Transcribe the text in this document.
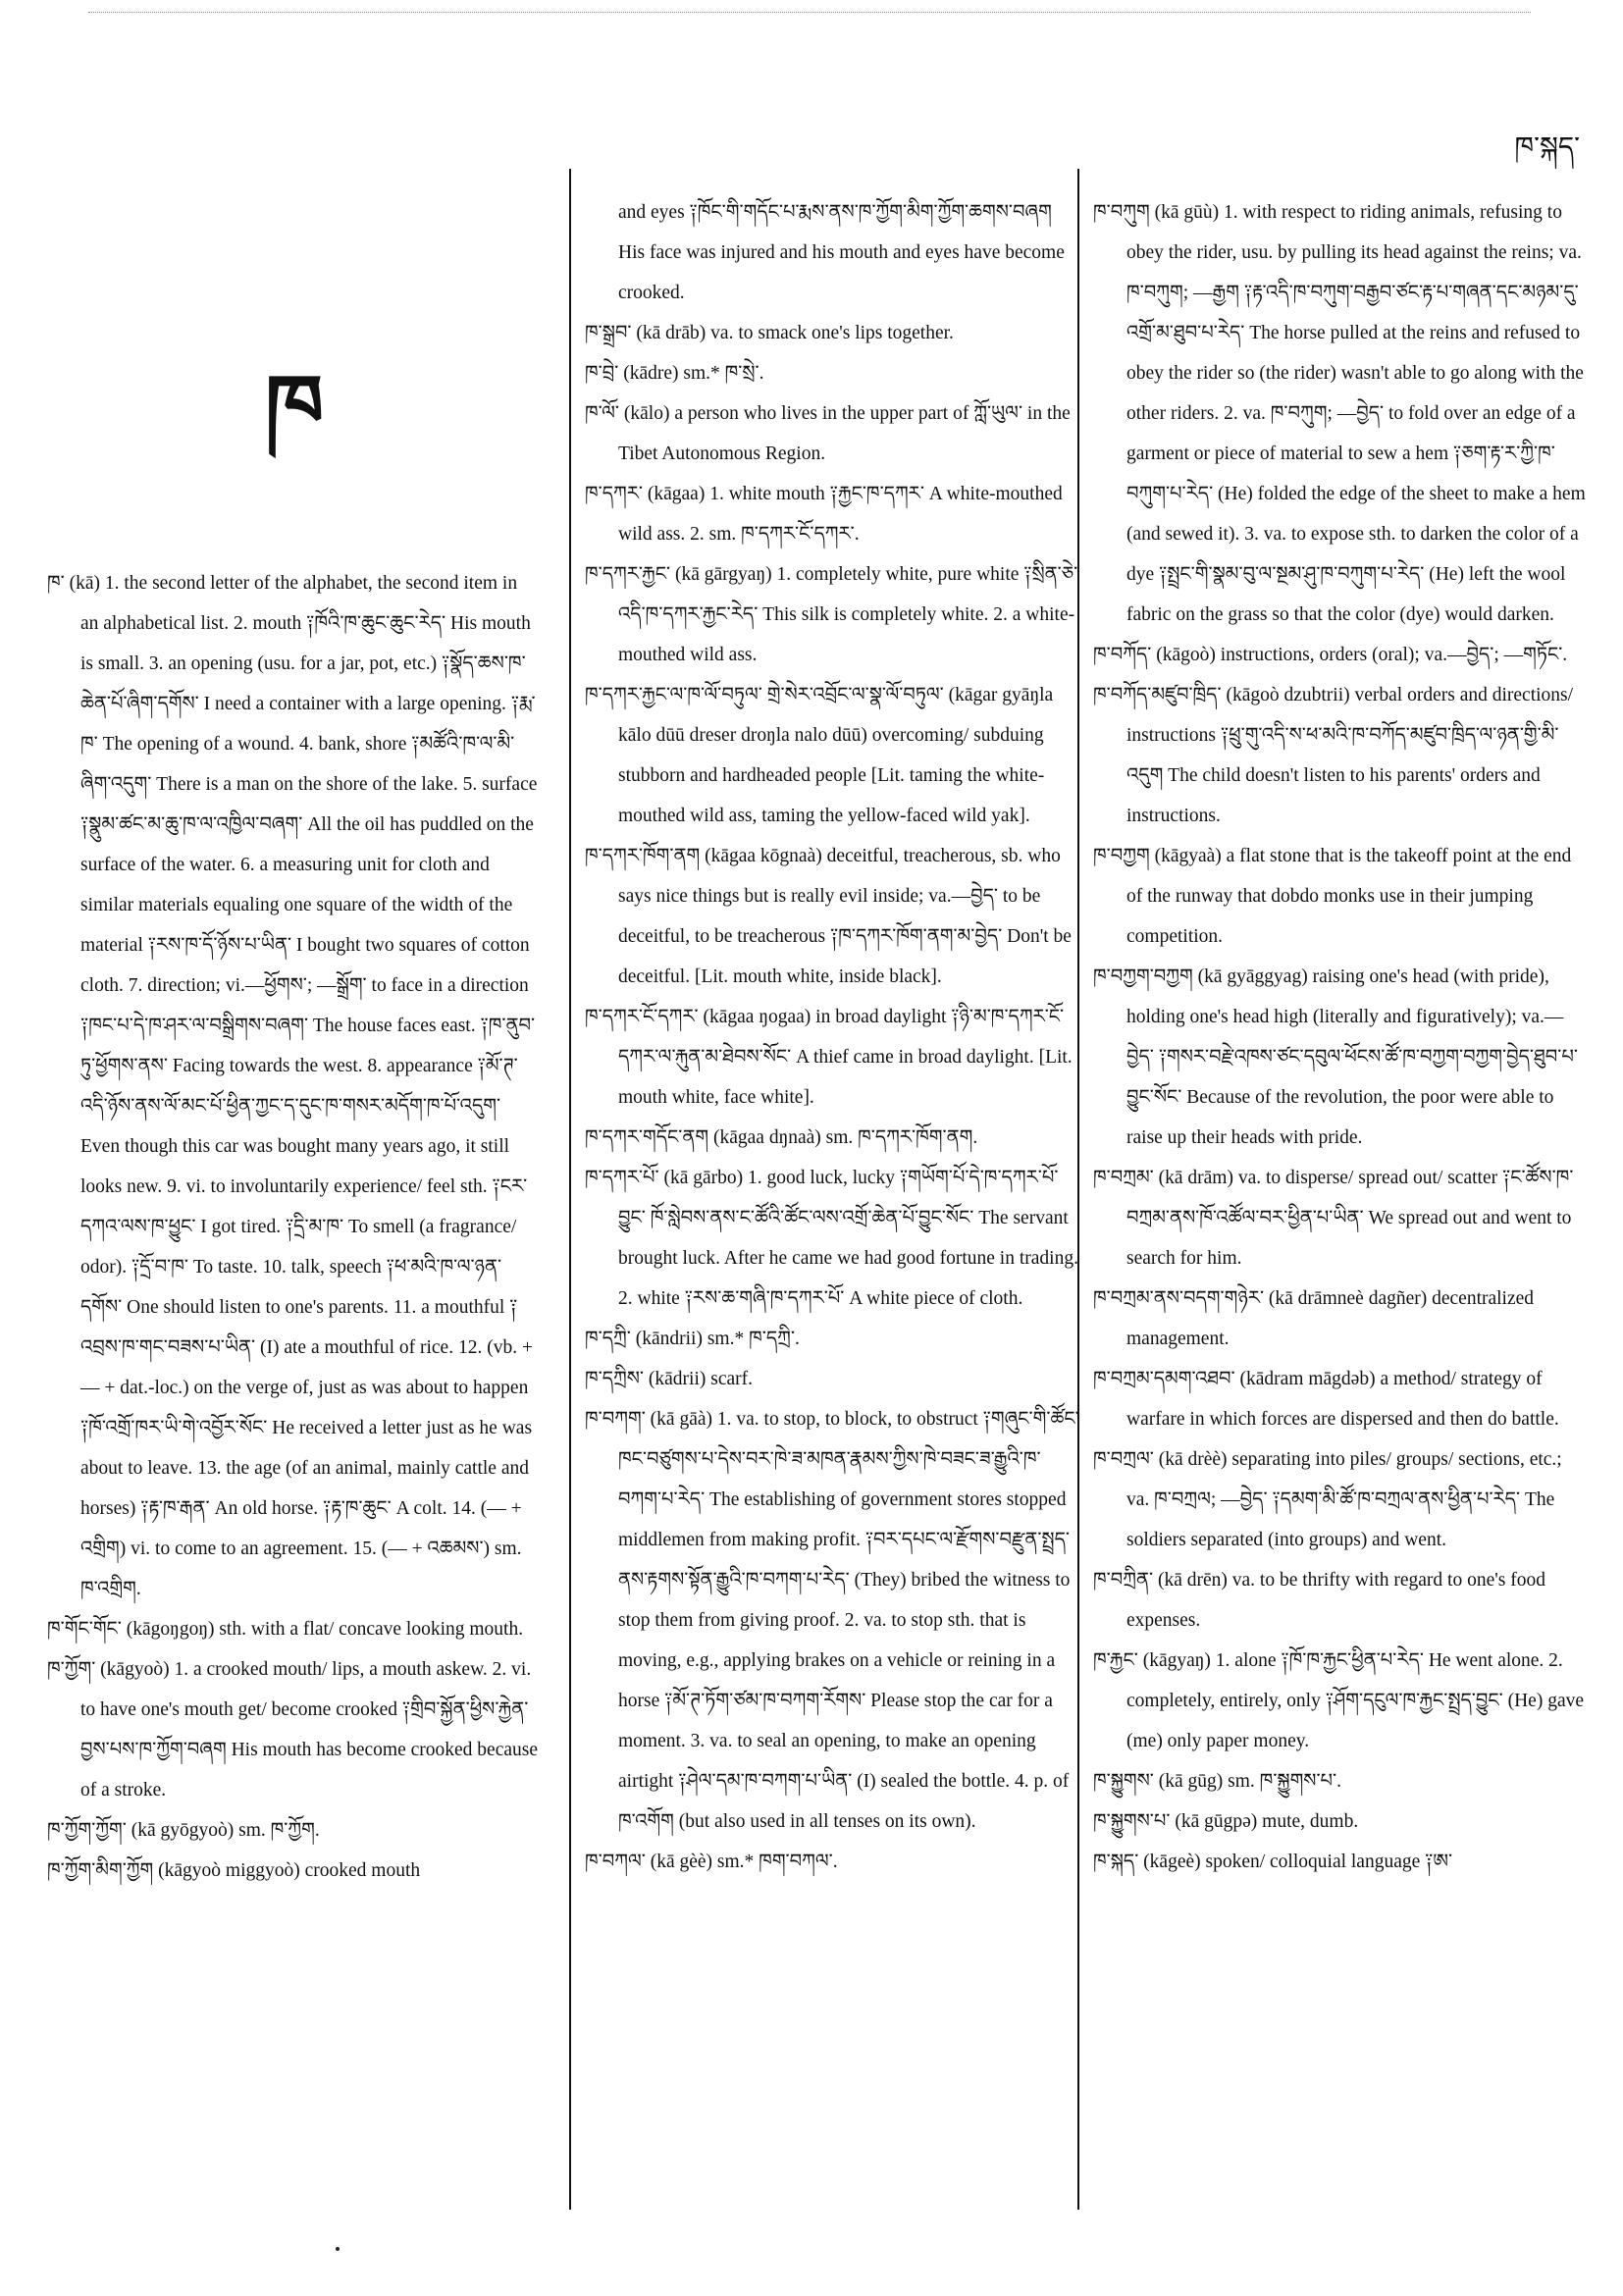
ཁ་སྐད་
ཁ
ཁ་ (kā) 1. the second letter of the alphabet, the second item in an alphabetical list. 2. mouth ༑ཁོའི་ཁ་ཆུང་ཆུང་རེད་ His mouth is small. 3. an opening (usu. for a jar, pot, etc.) ༑སྣོད་ཆས་ཁ་ཆེན་པོ་ཞིག་དགོས་ I need a container with a large opening. ༑རྨ་ཁ་ The opening of a wound. 4. bank, shore ༑མཚོའི་ཁ་ལ་མི་ཞིག་འདུག་ There is a man on the shore of the lake. 5. surface ༑སྣུམ་ཚང་མ་ཆུ་ཁ་ལ་འཁྱིལ་བཞག་ All the oil has puddled on the surface of the water. 6. a measuring unit for cloth and similar materials equaling one square of the width of the material ༑རས་ཁ་དོ་ཉོས་པ་ཡིན་ I bought two squares of cotton cloth. 7. direction; vi.—ཕྱོགས་; —སྒྲོག་ to face in a direction ༑ཁང་པ་དེ་ཁ་ཤར་ལ་བསྒྲིགས་བཞག་ The house faces east. ༑ཁ་ནུབ་ཏུ་ཕྱོགས་ནས་ Facing towards the west. 8. appearance ༑མོ་ཊ་འདི་ཉོས་ནས་ལོ་མང་པོ་ཕྱིན་ཀྱང་ད་དུང་ཁ་གསར་མདོག་ཁ་པོ་འདུག་ Even though this car was bought many years ago, it still looks new. 9. vi. to involuntarily experience/ feel sth. ༑ངར་དཀའ་ལས་ཁ་ཕྱུང་ I got tired. ༑དྲི་མ་ཁ་ To smell (a fragrance/ odor). ༑དྲོ་བ་ཁ་ To taste. 10. talk, speech ༑ཕ་མའི་ཁ་ལ་ཉན་དགོས་ One should listen to one's parents. 11. a mouthful ༑འབྲས་ཁ་གང་བཟས་པ་ཡིན་ (I) ate a mouthful of rice. 12. (vb. + — + dat.-loc.) on the verge of, just as was about to happen ༑ཁོ་འགྲོ་ཁར་ཡི་གེ་འབྱོར་སོང་ He received a letter just as he was about to leave. 13. the age (of an animal, mainly cattle and horses) ༑རྟ་ཁ་རྒན་ An old horse. ༑རྟ་ཁ་ཆུང་ A colt. 14. (— + འགྲིག) vi. to come to an agreement. 15. (— + འཆམས་) sm. ཁ་འགྲིག.
ཁ་གོང་གོང་ (kāgoŋgoŋ) sth. with a flat/ concave looking mouth.
ཁ་ཀྱོག་ (kāgyoò) 1. a crooked mouth/ lips, a mouth askew. 2. vi. to have one's mouth get/ become crooked ༑གྲིབ་སྐྱོན་ཕྱིས་རྐྱེན་བྱས་པས་ཁ་ཀྱོག་བཞག His mouth has become crooked because of a stroke.
ཁ་ཀྱོག་ཀྱོག་ (kā gyōgyoò) sm. ཁ་ཀྱོག.
ཁ་ཀྱོག་མིག་ཀྱོག (kāgyoò miggyoò) crooked mouth
and eyes ༑ཁོང་གི་གདོང་པ་རྨས་ནས་ཁ་ཀྱོག་མིག་ཀྱོག་ཆགས་བཞག His face was injured and his mouth and eyes have become crooked.
ཁ་སྒྲབ་ (kā drāb) va. to smack one's lips together.
ཁ་བྲེ་ (kādre) sm.* ཁ་སྲེ་.
ཁ་ལོ་ (kālo) a person who lives in the upper part of ཀློ་ཡུལ་ in the Tibet Autonomous Region.
ཁ་དཀར་ (kāgaa) 1. white mouth ༑རྐྱང་ཁ་དཀར་ A white-mouthed wild ass. 2. sm. ཁ་དཀར་ངོ་དཀར་.
ཁ་དཀར་རྐྱང་ (kā gārgyaŋ) 1. completely white, pure white ༑སྲིན་ཅེ་འདི་ཁ་དཀར་རྐྱང་རེད་ This silk is completely white. 2. a white-mouthed wild ass.
ཁ་དཀར་རྐྱང་ལ་ཁ་ལོ་བཏུལ་ གྲེ་སེར་འབྲོང་ལ་སྣ་ལོ་བཏུལ་ (kāgar gyāŋla kālo dūū dreser droŋla nalo dūū) overcoming/ subduing stubborn and hardheaded people [Lit. taming the white-mouthed wild ass, taming the yellow-faced wild yak].
ཁ་དཀར་ཁོག་ནག (kāgaa kōgnaà) deceitful, treacherous, sb. who says nice things but is really evil inside; va.—བྱེད་ to be deceitful, to be treacherous ༑ཁ་དཀར་ཁོག་ནག་མ་བྱེད་ Don't be deceitful. [Lit. mouth white, inside black].
ཁ་དཀར་ངོ་དཀར་ (kāgaa ŋogaa) in broad daylight ༑ཉི་མ་ཁ་དཀར་ངོ་དཀར་ལ་རྐུན་མ་ཐེབས་སོང་ A thief came in broad daylight. [Lit. mouth white, face white].
ཁ་དཀར་གདོང་ནག (kāgaa dŋnaà) sm. ཁ་དཀར་ཁོག་ནག.
ཁ་དཀར་པོ་ (kā gārbo) 1. good luck, lucky ༑གཡོག་པོ་དེ་ཁ་དཀར་པོ་བྱུང་ ཁོ་སླེབས་ནས་ང་ཚོའི་ཚོང་ལས་འགྲོ་ཆེན་པོ་བྱུང་སོང་ The servant brought luck. After he came we had good fortune in trading. 2. white ༑རས་ཆ་གཞི་ཁ་དཀར་པོ་ A white piece of cloth.
ཁ་དཀྲི་ (kāndrii) sm.* ཁ་དཀྲི་.
ཁ་དཀྲིས་ (kādrii) scarf.
ཁ་བཀག་ (kā gāà) 1. va. to stop, to block, to obstruct ༑གཞུང་གི་ཚོང་ཁང་བཙུགས་པ་དེས་བར་ཁེ་ཟ་མཁན་རྣམས་ཀྱིས་ཁེ་བཟང་ཟ་རྒྱུའི་ཁ་བཀག་པ་རེད་ The establishing of government stores stopped middlemen from making profit. ༑བར་དཔང་ལ་རྫོགས་བརྫུན་སྤྲད་ནས་རྟགས་སྟོན་རྒྱུའི་ཁ་བཀག་པ་རེད་ (They) bribed the witness to stop them from giving proof. 2. va. to stop sth. that is moving, e.g., applying brakes on a vehicle or reining in a horse ༑མོ་ཊ་ཏོག་ཙམ་ཁ་བཀག་རོགས་ Please stop the car for a moment. 3. va. to seal an opening, to make an opening airtight ༑ཤེལ་དམ་ཁ་བཀག་པ་ཡིན་ (I) sealed the bottle. 4. p. of ཁ་འགོག (but also used in all tenses on its own).
ཁ་བཀལ་ (kā gèè) sm.* ཁག་བཀལ་.
ཁ་བཀུག (kā gūù) 1. with respect to riding animals, refusing to obey the rider, usu. by pulling its head against the reins; va. ཁ་བཀུག; —རྒྱག ༑རྟ་འདི་ཁ་བཀུག་བརྒྱབ་ཙང་རྟ་པ་གཞན་དང་མཉམ་དུ་འགྲོ་མ་ཐུབ་པ་རེད་ The horse pulled at the reins and refused to obey the rider so (the rider) wasn't able to go along with the other riders. 2. va. ཁ་བཀུག; —བྱེད་ to fold over an edge of a garment or piece of material to sew a hem ༑ཅག་རྟ་ར་ཀྱི་ཁ་བཀུག་པ་རེད་ (He) folded the edge of the sheet to make a hem (and sewed it). 3. va. to expose sth. to darken the color of a dye ༑སྤྲང་གི་སྣམ་བུ་ལ་སྔམ་ཤུ་ཁ་བཀུག་པ་རེད་ (He) left the wool fabric on the grass so that the color (dye) would darken.
ཁ་བཀོད་ (kāgoò) instructions, orders (oral); va.—བྱེད་; —གཏོང་.
ཁ་བཀོད་མཛུབ་ཁྲིད་ (kāgoò dzubtrii) verbal orders and directions/ instructions ༑ཕྲུ་གུ་འདི་ས་ཕ་མའི་ཁ་བཀོད་མཛུབ་ཁྲིད་ལ་ཉན་གྱི་མི་འདུག The child doesn't listen to his parents' orders and instructions.
ཁ་བཀྱག (kāgyaà) a flat stone that is the takeoff point at the end of the runway that dobdo monks use in their jumping competition.
ཁ་བཀྱག་བཀྱག (kā gyāggyag) raising one's head (with pride), holding one's head high (literally and figuratively); va.—བྱེད་ ༑གསར་བརྗེ་འཁས་ཙང་དབུལ་ཕོངས་ཚོ་ཁ་བཀྱག་བཀྱག་བྱེད་ཐུབ་པ་བྱུང་སོང་ Because of the revolution, the poor were able to raise up their heads with pride.
ཁ་བཀྲམ་ (kā drām) va. to disperse/ spread out/ scatter ༑ང་ཚོས་ཁ་བཀྲམ་ནས་ཁོ་འཚོལ་བར་ཕྱིན་པ་ཡིན་ We spread out and went to search for him.
ཁ་བཀྲམ་ནས་བདག་གཉེར་ (kā drāmneè dagñer) decentralized management.
ཁ་བཀྲམ་དམག་འཐབ་ (kādram māgdəb) a method/ strategy of warfare in which forces are dispersed and then do battle.
ཁ་བཀྲལ་ (kā drèè) separating into piles/ groups/ sections, etc.; va. ཁ་བཀྲལ; —བྱེད་ ༑དམག་མི་ཚོ་ཁ་བཀྲལ་ནས་ཕྱིན་པ་རེད་ The soldiers separated (into groups) and went.
ཁ་བཀྲིན་ (kā drēn) va. to be thrifty with regard to one's food expenses.
ཁ་རྐྱང་ (kāgyaŋ) 1. alone ༑ཁོ་ཁ་རྐྱང་ཕྱིན་པ་རེད་ He went alone. 2. completely, entirely, only ༑ཤོག་དངུལ་ཁ་རྐྱང་སྤྲད་བྱུང་ (He) gave (me) only paper money.
ཁ་སྐྱུགས་ (kā gūg) sm. ཁ་སྐྱུགས་པ་.
ཁ་སྐྱུགས་པ་ (kā gūgpə) mute, dumb.
ཁ་སྐད་ (kāgeè) spoken/ colloquial language ༑ཨ་
